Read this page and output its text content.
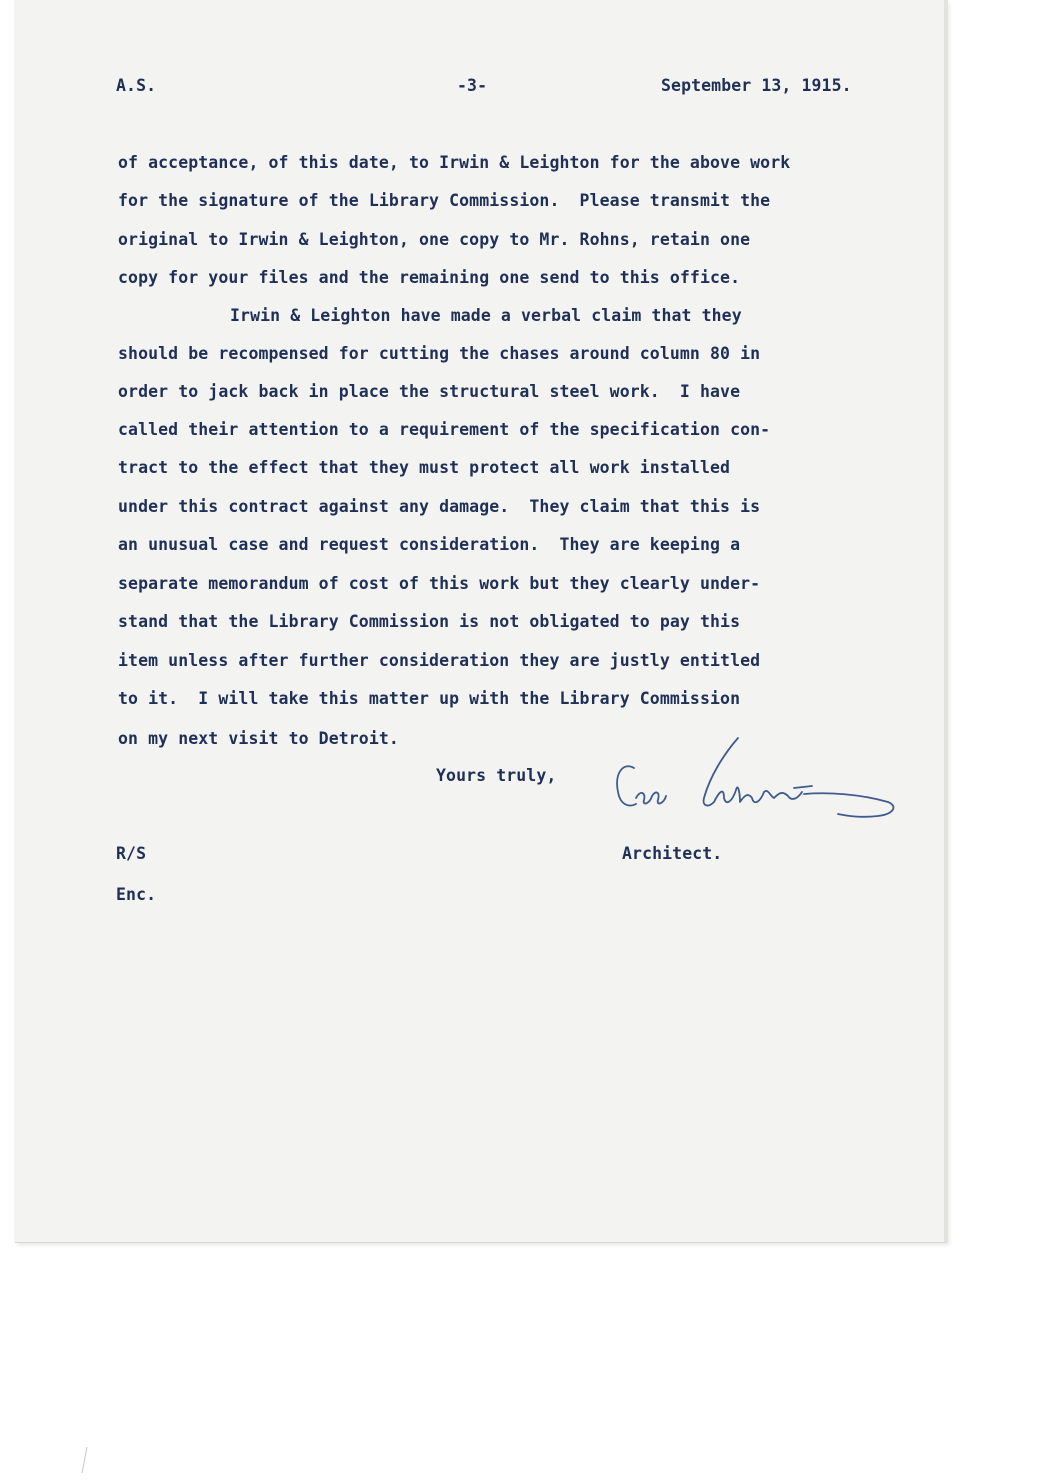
A.S.	-3-	September 13, 1915.
of acceptance, of this date, to Irwin & Leighton for the above work
for the signature of the Library Commission.  Please transmit the
original to Irwin & Leighton, one copy to Mr. Rohns, retain one
copy for your files and the remaining one send to this office.
Irwin & Leighton have made a verbal claim that they
should be recompensed for cutting the chases around column 80 in
order to jack back in place the structural steel work.  I have
called their attention to a requirement of the specification con-
tract to the effect that they must protect all work installed
under this contract against any damage.  They claim that this is
an unusual case and request consideration.  They are keeping a
separate memorandum of cost of this work but they clearly under-
stand that the Library Commission is not obligated to pay this
item unless after further consideration they are justly entitled
to it.  I will take this matter up with the Library Commission
on my next visit to Detroit.
Yours truly,
Architect.
R/S
Enc.
